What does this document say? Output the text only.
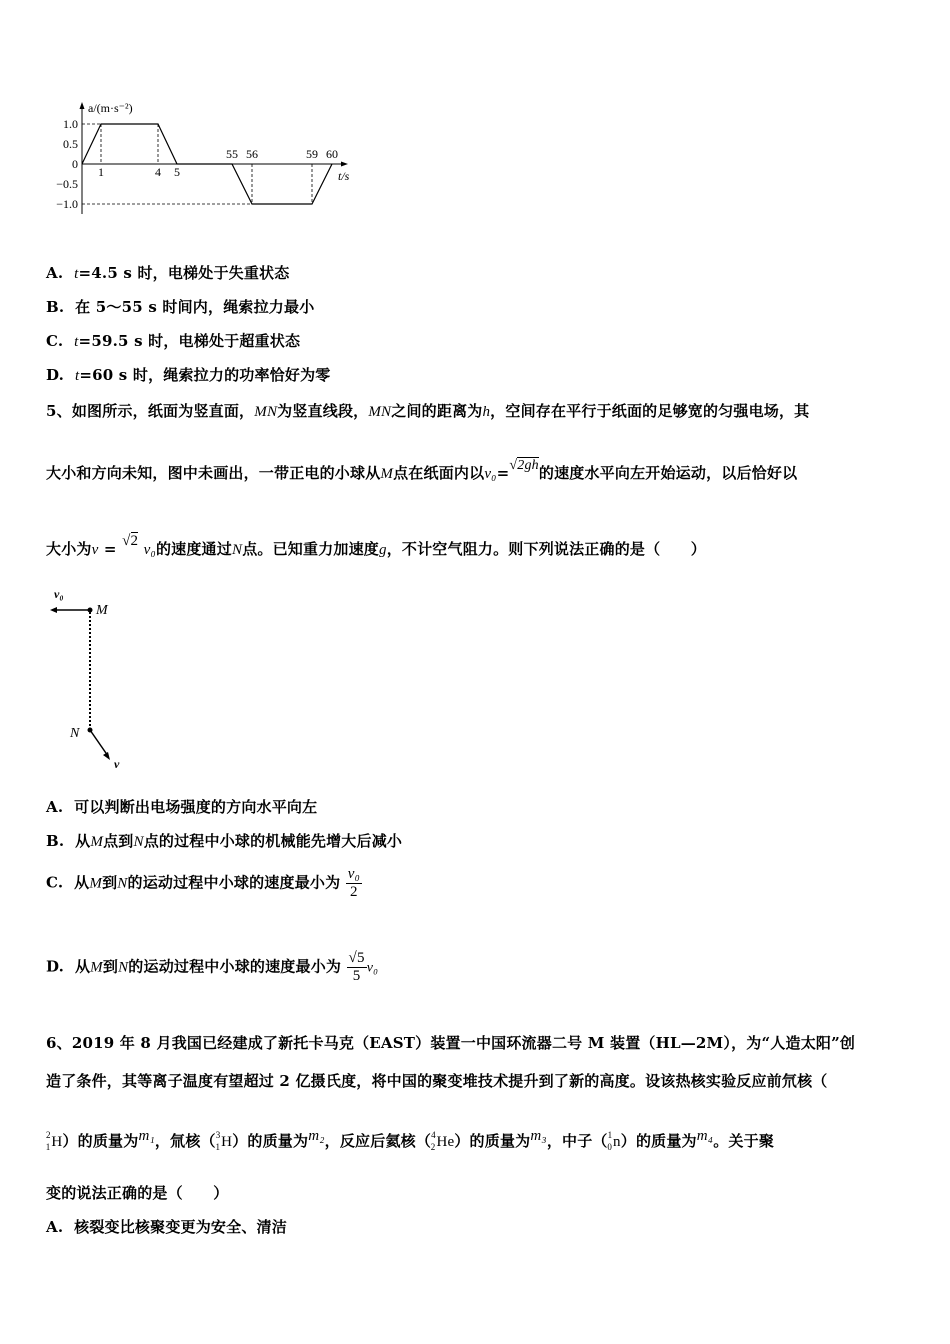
a/(m·s⁻²)
t/s
1.0
0.5
0
−0.5
−1.0
1	4 5
55 56	59 60
A. t=4.5 s 时，电梯处于失重状态
B. 在 5～55 s 时间内，绳索拉力最小
C. t=59.5 s 时，电梯处于超重状态
D. t=60 s 时，绳索拉力的功率恰好为零
5、如图所示，纸面为竖直面，MN为竖直线段，MN之间的距离为h，空间存在平行于纸面的足够宽的匀强电场，其
大小和方向未知，图中未画出，一带正电的小球从M点在纸面内以v₀=√2gh的速度水平向左开始运动，以后恰好以
大小为v = √2 v₀的速度通过N点。已知重力加速度g，不计空气阻力。则下列说法正确的是（　　）
v₀
M
N
v
A. 可以判断出电场强度的方向水平向左
B. 从M点到N点的过程中小球的机械能先增大后减小
C. 从M到N的运动过程中小球的速度最小为 $\frac{\text{v₀}}{2}$
D. 从M到N的运动过程中小球的速度最小为 $\frac{√5}{5} v_0$
6、2019 年 8 月我国已经建成了新托卡马克（EAST）装置一中国环流器二号 M 装置（HL—2M），为“人造太阳”创
造了条件，其等离子温度有望超过 2 亿摄氏度，将中国的聚变堆技术提升到了新的高度。设该热核实验反应前氘核（
$^2_1$H）的质量为m₁，氚核（$^3_1$H）的质量为m₂，反应后氦核（$^4_2$He）的质量为m₃，中子（$^1_0$n）的质量为m₄。关于聚
变的说法正确的是（　　）
A. 核裂变比核聚变更为安全、清洁
